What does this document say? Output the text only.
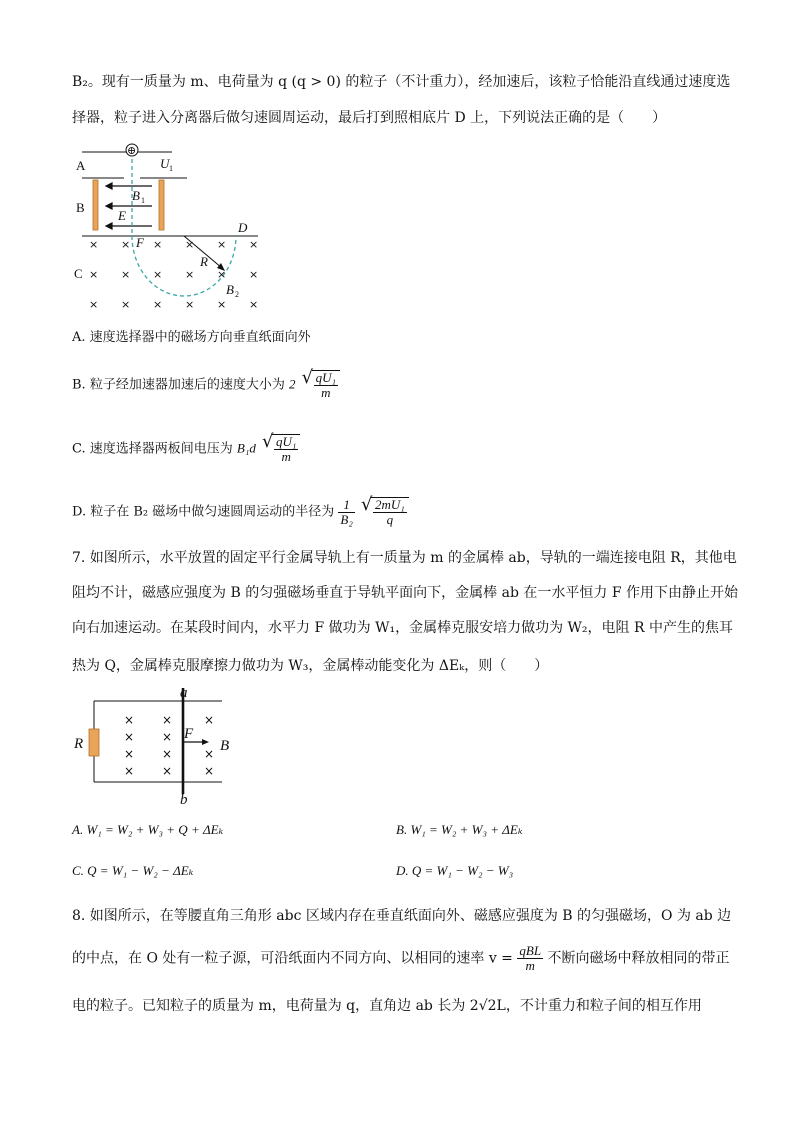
B₂。现有一质量为 m、电荷量为 q (q > 0) 的粒子（不计重力），经加速后，该粒子恰能沿直线通过速度选
择器，粒子进入分离器后做匀速圆周运动，最后打到照相底片 D 上，下列说法正确的是（　　）
⊕
A
B
C
U 1
B 1
E
F
D
R
B 2
× × × × × ×
× × × × × ×
× × × × × ×
A. 速度选择器中的磁场方向垂直纸面向外
B. 粒子经加速器加速后的速度大小为 2 √ $\frac{\text{qU₁}}{m}$
C. 速度选择器两板间电压为 B₁d √ $\frac{\text{qU₁}}{m}$
D. 粒子在 B₂ 磁场中做匀速圆周运动的半径为 $\frac{1}{\text{B₂}}$
√ $\frac{\text{2mU₁}}{q}$
7. 如图所示，水平放置的固定平行金属导轨上有一质量为 m 的金属棒 ab，导轨的一端连接电阻 R，其他电
阻均不计，磁感应强度为 B 的匀强磁场垂直于导轨平面向下，金属棒 ab 在一水平恒力 F 作用下由静止开始
向右加速运动。在某段时间内，水平力 F 做功为 W₁，金属棒克服安培力做功为 W₂，电阻 R 中产生的焦耳
热为 Q，金属棒克服摩擦力做功为 W₃，金属棒动能变化为 ΔEₖ，则（　　）
a
b
R
F
B
×
×
×
×
×
×
×
×
×
×
×
A. W₁ = W₂ + W₃ + Q + ΔEₖ	B. W₁ = W₂ + W₃ + ΔEₖ
C. Q = W₁ − W₂ − ΔEₖ	D. Q = W₁ − W₂ − W₃
8. 如图所示，在等腰直角三角形 abc 区域内存在垂直纸面向外、磁感应强度为 B 的匀强磁场，O 为 ab 边
的中点，在 O 处有一粒子源，可沿纸面内不同方向、以相同的速率 $v = \frac{\text{qBL}}{m}$ 不断向磁场中释放相同的带正
电的粒子。已知粒子的质量为 m，电荷量为 q，直角边 ab 长为 2√2L，不计重力和粒子间的相互作用
